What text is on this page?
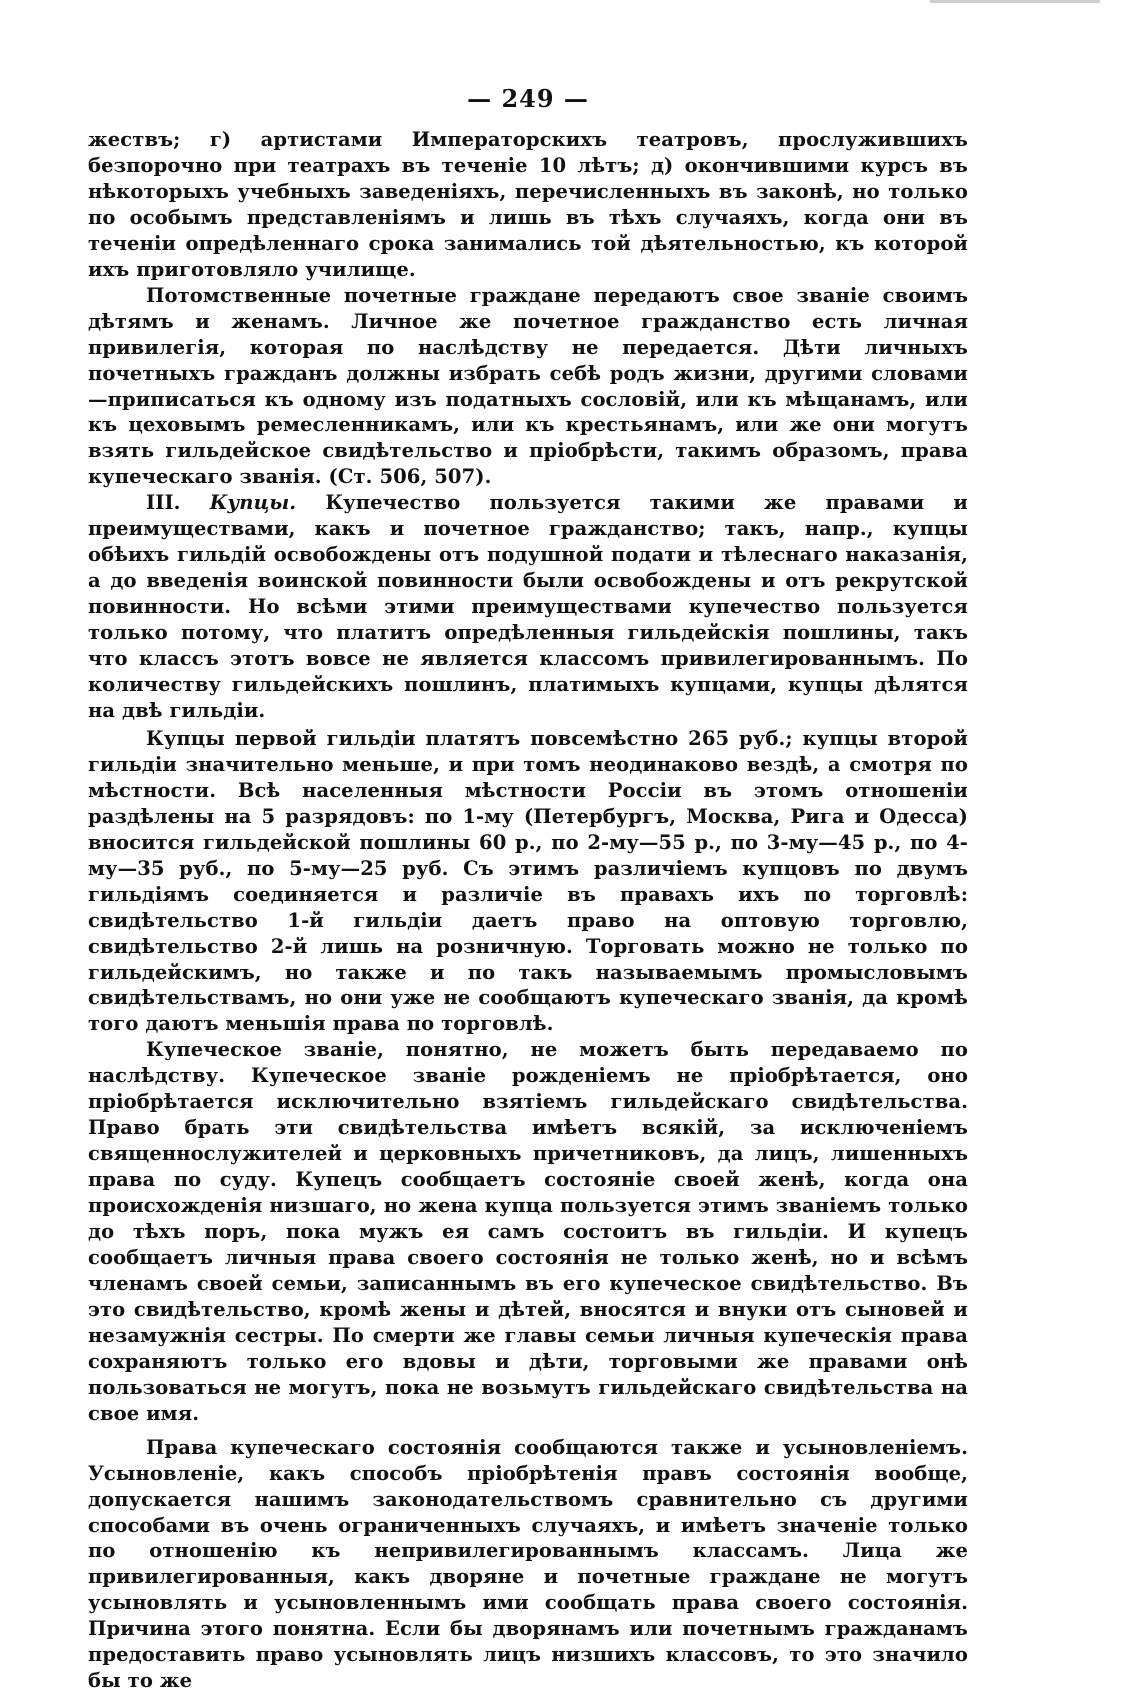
— 249 —

жествъ; г) артистами Императорскихъ театровъ, прослужившихъ безпорочно при театрахъ въ теченіе 10 лѣтъ; д) окончившими курсъ въ нѣкоторыхъ учебныхъ заведеніяхъ, перечисленныхъ въ законѣ, но только по особымъ представленіямъ и лишь въ тѣхъ случаяхъ, когда они въ теченіи опредѣленнаго срока занимались той дѣятельностью, къ которой ихъ приготовляло училище.

Потомственные почетные граждане передаютъ свое званіе своимъ дѣтямъ и женамъ. Личное же почетное гражданство есть личная привилегія, которая по наслѣдству не передается. Дѣти личныхъ почетныхъ гражданъ должны избрать себѣ родъ жизни, другими словами—приписаться къ одному изъ податныхъ сословій, или къ мѣщанамъ, или къ цеховымъ ремесленникамъ, или къ крестьянамъ, или же они могутъ взять гильдейское свидѣтельство и пріобрѣсти, такимъ образомъ, права купеческаго званія. (Ст. 506, 507).

III. Купцы. Купечество пользуется такими же правами и преимуществами, какъ и почетное гражданство; такъ, напр., купцы обѣихъ гильдій освобождены отъ подушной подати и тѣлеснаго наказанія, а до введенія воинской повинности были освобождены и отъ рекрутской повинности. Но всѣми этими преимуществами купечество пользуется только потому, что платитъ опредѣленныя гильдейскія пошлины, такъ что классъ этотъ вовсе не является классомъ привилегированнымъ. По количеству гильдейскихъ пошлинъ, платимыхъ купцами, купцы дѣлятся на двѣ гильдіи.

Купцы первой гильдіи платятъ повсемѣстно 265 руб.; купцы второй гильдіи значительно меньше, и при томъ неодинаково вездѣ, а смотря по мѣстности. Всѣ населенныя мѣстности Россіи въ этомъ отношеніи раздѣлены на 5 разрядовъ: по 1-му (Петербургъ, Москва, Рига и Одесса) вносится гильдейской пошлины 60 р., по 2-му—55 р., по 3-му—45 р., по 4-му—35 руб., по 5-му—25 руб. Съ этимъ различіемъ купцовъ по двумъ гильдіямъ соединяется и различіе въ правахъ ихъ по торговлѣ: свидѣтельство 1-й гильдіи даетъ право на оптовую торговлю, свидѣтельство 2-й лишь на розничную. Торговать можно не только по гильдейскимъ, но также и по такъ называемымъ промысловымъ свидѣтельствамъ, но они уже не сообщаютъ купеческаго званія, да кромѣ того даютъ меньшія права по торговлѣ.

Купеческое званіе, понятно, не можетъ быть передаваемо по наслѣдству. Купеческое званіе рожденіемъ не пріобрѣтается, оно пріобрѣтается исключительно взятіемъ гильдейскаго свидѣтельства. Право брать эти свидѣтельства имѣетъ всякій, за исключеніемъ священнослужителей и церковныхъ причетниковъ, да лицъ, лишенныхъ права по суду. Купецъ сообщаетъ состояніе своей женѣ, когда она происхожденія низшаго, но жена купца пользуется этимъ званіемъ только до тѣхъ поръ, пока мужъ ея самъ состоитъ въ гильдіи. И купецъ сообщаетъ личныя права своего состоянія не только женѣ, но и всѣмъ членамъ своей семьи, записаннымъ въ его купеческое свидѣтельство. Въ это свидѣтельство, кромѣ жены и дѣтей, вносятся и внуки отъ сыновей и незамужнія сестры. По смерти же главы семьи личныя купеческія права сохраняютъ только его вдовы и дѣти, торговыми же правами онѣ пользоваться не могутъ, пока не возьмутъ гильдейскаго свидѣтельства на свое имя.

Права купеческаго состоянія сообщаются также и усыновленіемъ. Усыновленіе, какъ способъ пріобрѣтенія правъ состоянія вообще, допускается нашимъ законодательствомъ сравнительно съ другими способами въ очень ограниченныхъ случаяхъ, и имѣетъ значеніе только по отношенію къ непривилегированнымъ классамъ. Лица же привилегированныя, какъ дворяне и почетные граждане не могутъ усыновлять и усыновленнымъ ими сообщать права своего состоянія. Причина этого понятна. Если бы дворянамъ или почетнымъ гражданамъ предоставить право усыновлять лицъ низшихъ классовъ, то это значило бы то же
